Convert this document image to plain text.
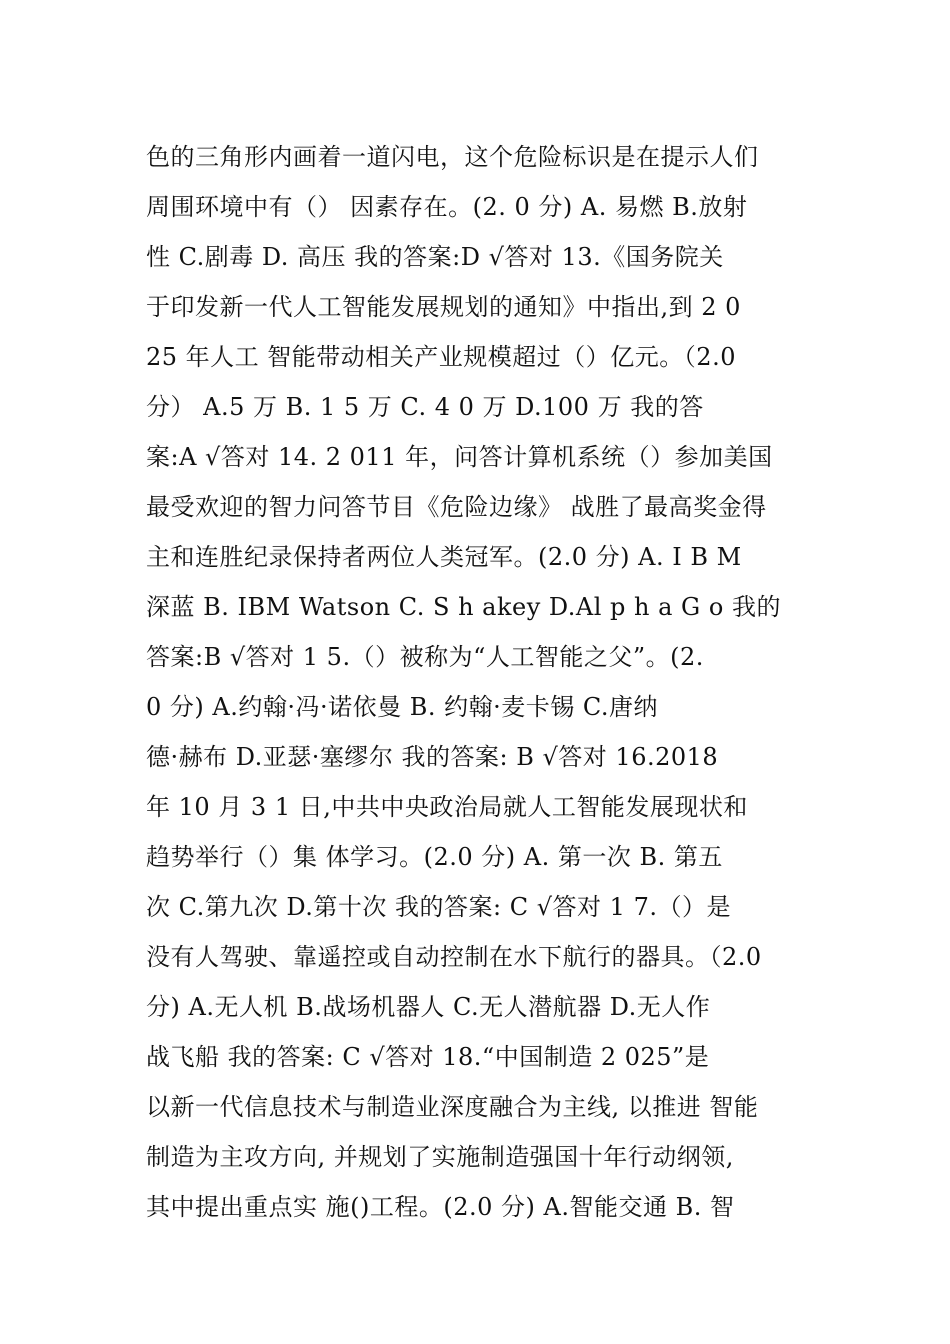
色的三角形内画着一道闪电，这个危险标识是在提示人们
周围环境中有（） 因素存在。(2. 0 分) A. 易燃 B.放射
性 C.剧毒 D. 高压 我的答案:D √答对 13.《国务院关
于印发新一代人工智能发展规划的通知》中指出,到 2 0
25 年人工 智能带动相关产业规模超过（）亿元。（2.0
分） A.5 万 B. 1 5 万 C. 4 0 万 D.100 万 我的答
案:A √答对 14. 2 011 年，问答计算机系统（）参加美国
最受欢迎的智力问答节目《危险边缘》 战胜了最高奖金得
主和连胜纪录保持者两位人类冠军。(2.0 分) A. I B M
深蓝 B. IBM Watson C. S h akey D.Al p h a G o 我的
答案:B √答对 1 5.（）被称为“人工智能之父”。(2.
0 分) A.约翰·冯·诺依曼 B. 约翰·麦卡锡 C.唐纳
德·赫布 D.亚瑟·塞缪尔 我的答案: B √答对 16.2018
年 10 月 3 1 日,中共中央政治局就人工智能发展现状和
趋势举行（）集 体学习。(2.0 分) A. 第一次 B. 第五
次 C.第九次 D.第十次 我的答案: C √答对 1 7.（）是
没有人驾驶、靠遥控或自动控制在水下航行的器具。（2.0
分) A.无人机 B.战场机器人 C.无人潜航器 D.无人作
战飞船 我的答案: C √答对 18.“中国制造 2 025”是
以新一代信息技术与制造业深度融合为主线, 以推进 智能
制造为主攻方向, 并规划了实施制造强国十年行动纲领,
其中提出重点实 施()工程。(2.0 分) A.智能交通 B. 智
